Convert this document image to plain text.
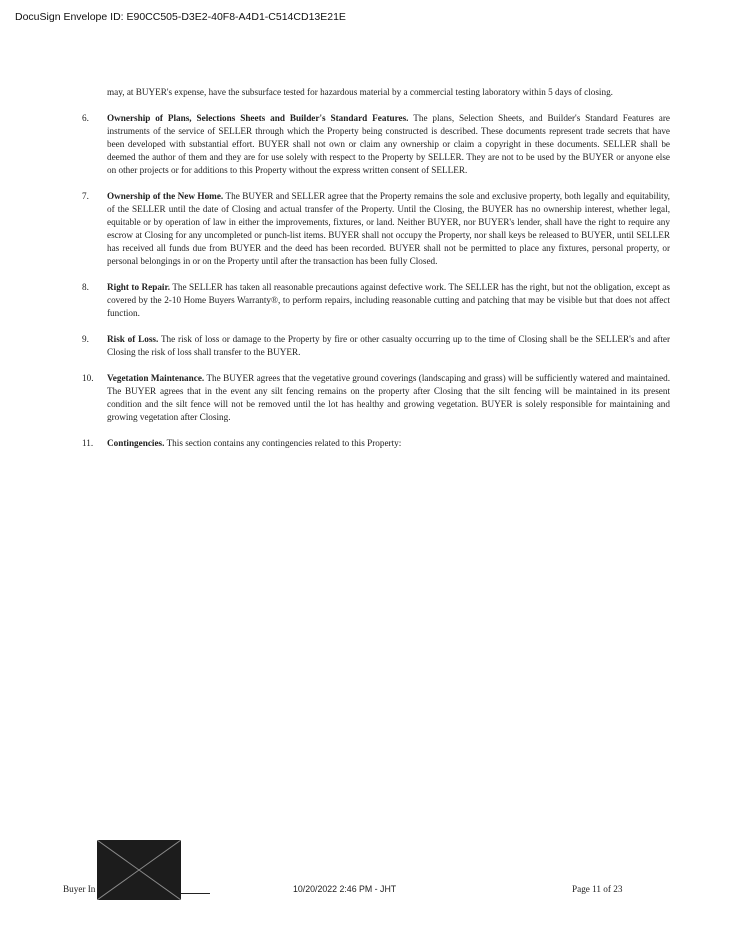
DocuSign Envelope ID: E90CC505-D3E2-40F8-A4D1-C514CD13E21E

may, at BUYER's expense, have the subsurface tested for hazardous material by a commercial testing laboratory within 5 days of closing.

6. Ownership of Plans, Selections Sheets and Builder's Standard Features. The plans, Selection Sheets, and Builder's Standard Features are instruments of the service of SELLER through which the Property being constructed is described. These documents represent trade secrets that have been developed with substantial effort. BUYER shall not own or claim any ownership or claim a copyright in these documents. SELLER shall be deemed the author of them and they are for use solely with respect to the Property by SELLER. They are not to be used by the BUYER or anyone else on other projects or for additions to this Property without the express written consent of SELLER.
7. Ownership of the New Home. The BUYER and SELLER agree that the Property remains the sole and exclusive property, both legally and equitability, of the SELLER until the date of Closing and actual transfer of the Property. Until the Closing, the BUYER has no ownership interest, whether legal, equitable or by operation of law in either the improvements, fixtures, or land. Neither BUYER, nor BUYER's lender, shall have the right to require any escrow at Closing for any uncompleted or punch-list items. BUYER shall not occupy the Property, nor shall keys be released to BUYER, until SELLER has received all funds due from BUYER and the deed has been recorded. BUYER shall not be permitted to place any fixtures, personal property, or personal belongings in or on the Property until after the transaction has been fully Closed.
8. Right to Repair. The SELLER has taken all reasonable precautions against defective work. The SELLER has the right, but not the obligation, except as covered by the 2-10 Home Buyers Warranty®, to perform repairs, including reasonable cutting and patching that may be visible but that does not affect function.
9. Risk of Loss. The risk of loss or damage to the Property by fire or other casualty occurring up to the time of Closing shall be the SELLER's and after Closing the risk of loss shall transfer to the BUYER.
10. Vegetation Maintenance. The BUYER agrees that the vegetative ground coverings (landscaping and grass) will be sufficiently watered and maintained. The BUYER agrees that in the event any silt fencing remains on the property after Closing that the silt fencing will be maintained in its present condition and the silt fence will not be removed until the lot has healthy and growing vegetation. BUYER is solely responsible for maintaining and growing vegetation after Closing.
11. Contingencies. This section contains any contingencies related to this Property:
Buyer In	10/20/2022 2:46 PM - JHT	Page 11 of 23
